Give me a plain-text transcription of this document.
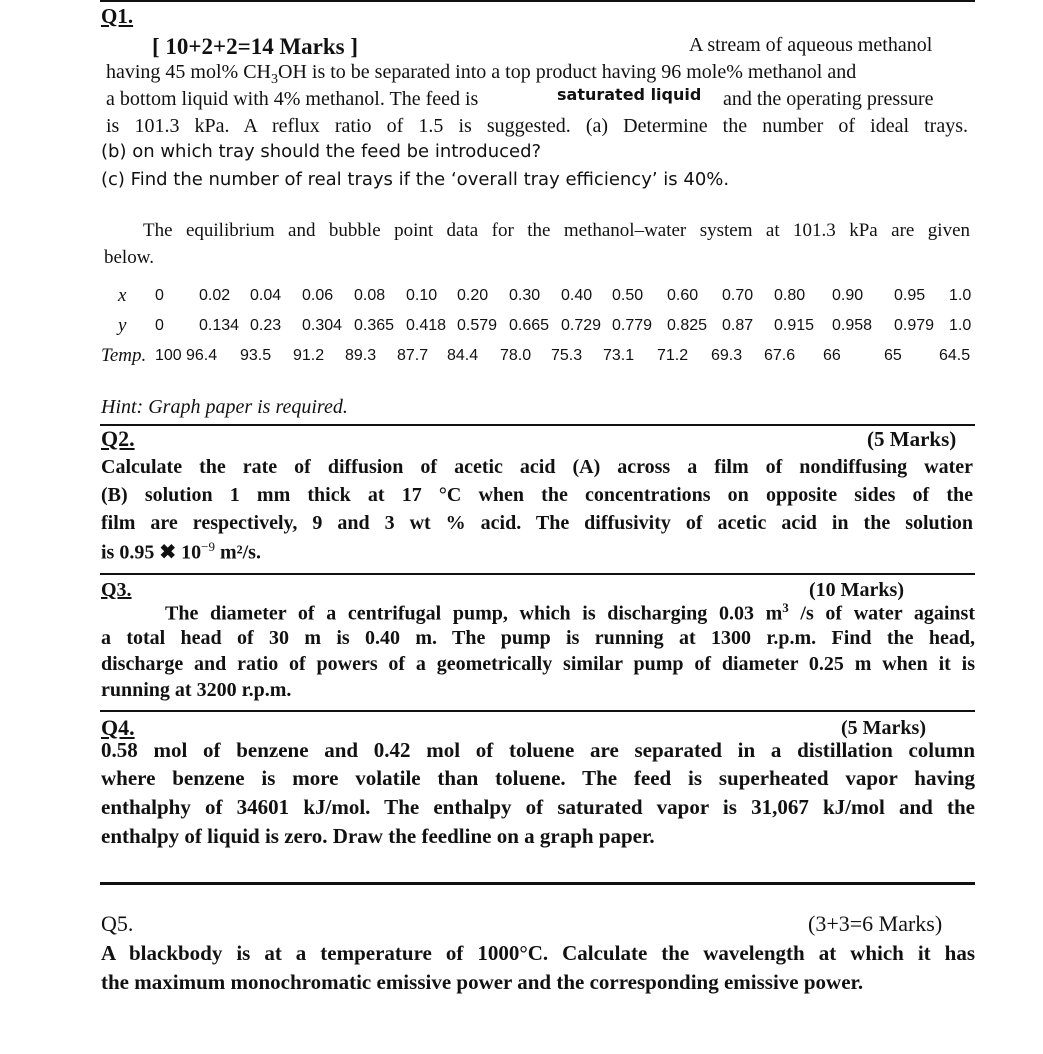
Q1.
[ 10+2+2=14 Marks ]	A stream of aqueous methanol
having 45 mol% $CH_3OH$ is to be separated into a top product having 96 mole% methanol and
a bottom liquid with 4% methanol. The feed is	saturated liquid and the operating pressure
is 101.3 kPa. A reflux ratio of 1.5 is suggested. (a) Determine the number of ideal trays.
(b) on which tray should the feed be introduced?
(c) Find the number of real trays if the ‘overall tray efficiency’ is 40%.
The equilibrium and bubble point data for the methanol–water system at 101.3 kPa are given
below.
x 0 0.02 0.04 0.06 0.08 0.10 0.20 0.30 0.40 0.50 0.60 0.70 0.80 0.90 0.95 1.0
y 0 0.134 0.23 0.304 0.365 0.418 0.579 0.665 0.729 0.779 0.825 0.87 0.915 0.958 0.979 1.0
Temp. 100 96.4 93.5 91.2 89.3 87.7 84.4 78.0 75.3 73.1 71.2 69.3 67.6 66	65 64.5
Hint: Graph paper is required.
Q2.	(5 Marks)
Calculate the rate of diffusion of acetic acid (A) across a film of nondiffusing water
(B) solution 1 mm thick at 17 °C when the concentrations on opposite sides of the
film are respectively, 9 and 3 wt % acid. The diffusivity of acetic acid in the solution
is 0.95 ✖ $10^{-9}$ m²/s.
Q3.	(10 Marks)
The diameter of a centrifugal pump, which is discharging 0.03 $m^3$ /s of water against
a total head of 30 m is 0.40 m. The pump is running at 1300 r.p.m. Find the head,
discharge and ratio of powers of a geometrically similar pump of diameter 0.25 m when it is
running at 3200 r.p.m.
Q4.	(5 Marks)
0.58 mol of benzene and 0.42 mol of toluene are separated in a distillation column
where benzene is more volatile than toluene. The feed is superheated vapor having
enthalphy of 34601 kJ/mol. The enthalpy of saturated vapor is 31,067 kJ/mol and the
enthalpy of liquid is zero. Draw the feedline on a graph paper.
Q5.	(3+3=6 Marks)
A blackbody is at a temperature of 1000°C. Calculate the wavelength at which it has
the maximum monochromatic emissive power and the corresponding emissive power.
